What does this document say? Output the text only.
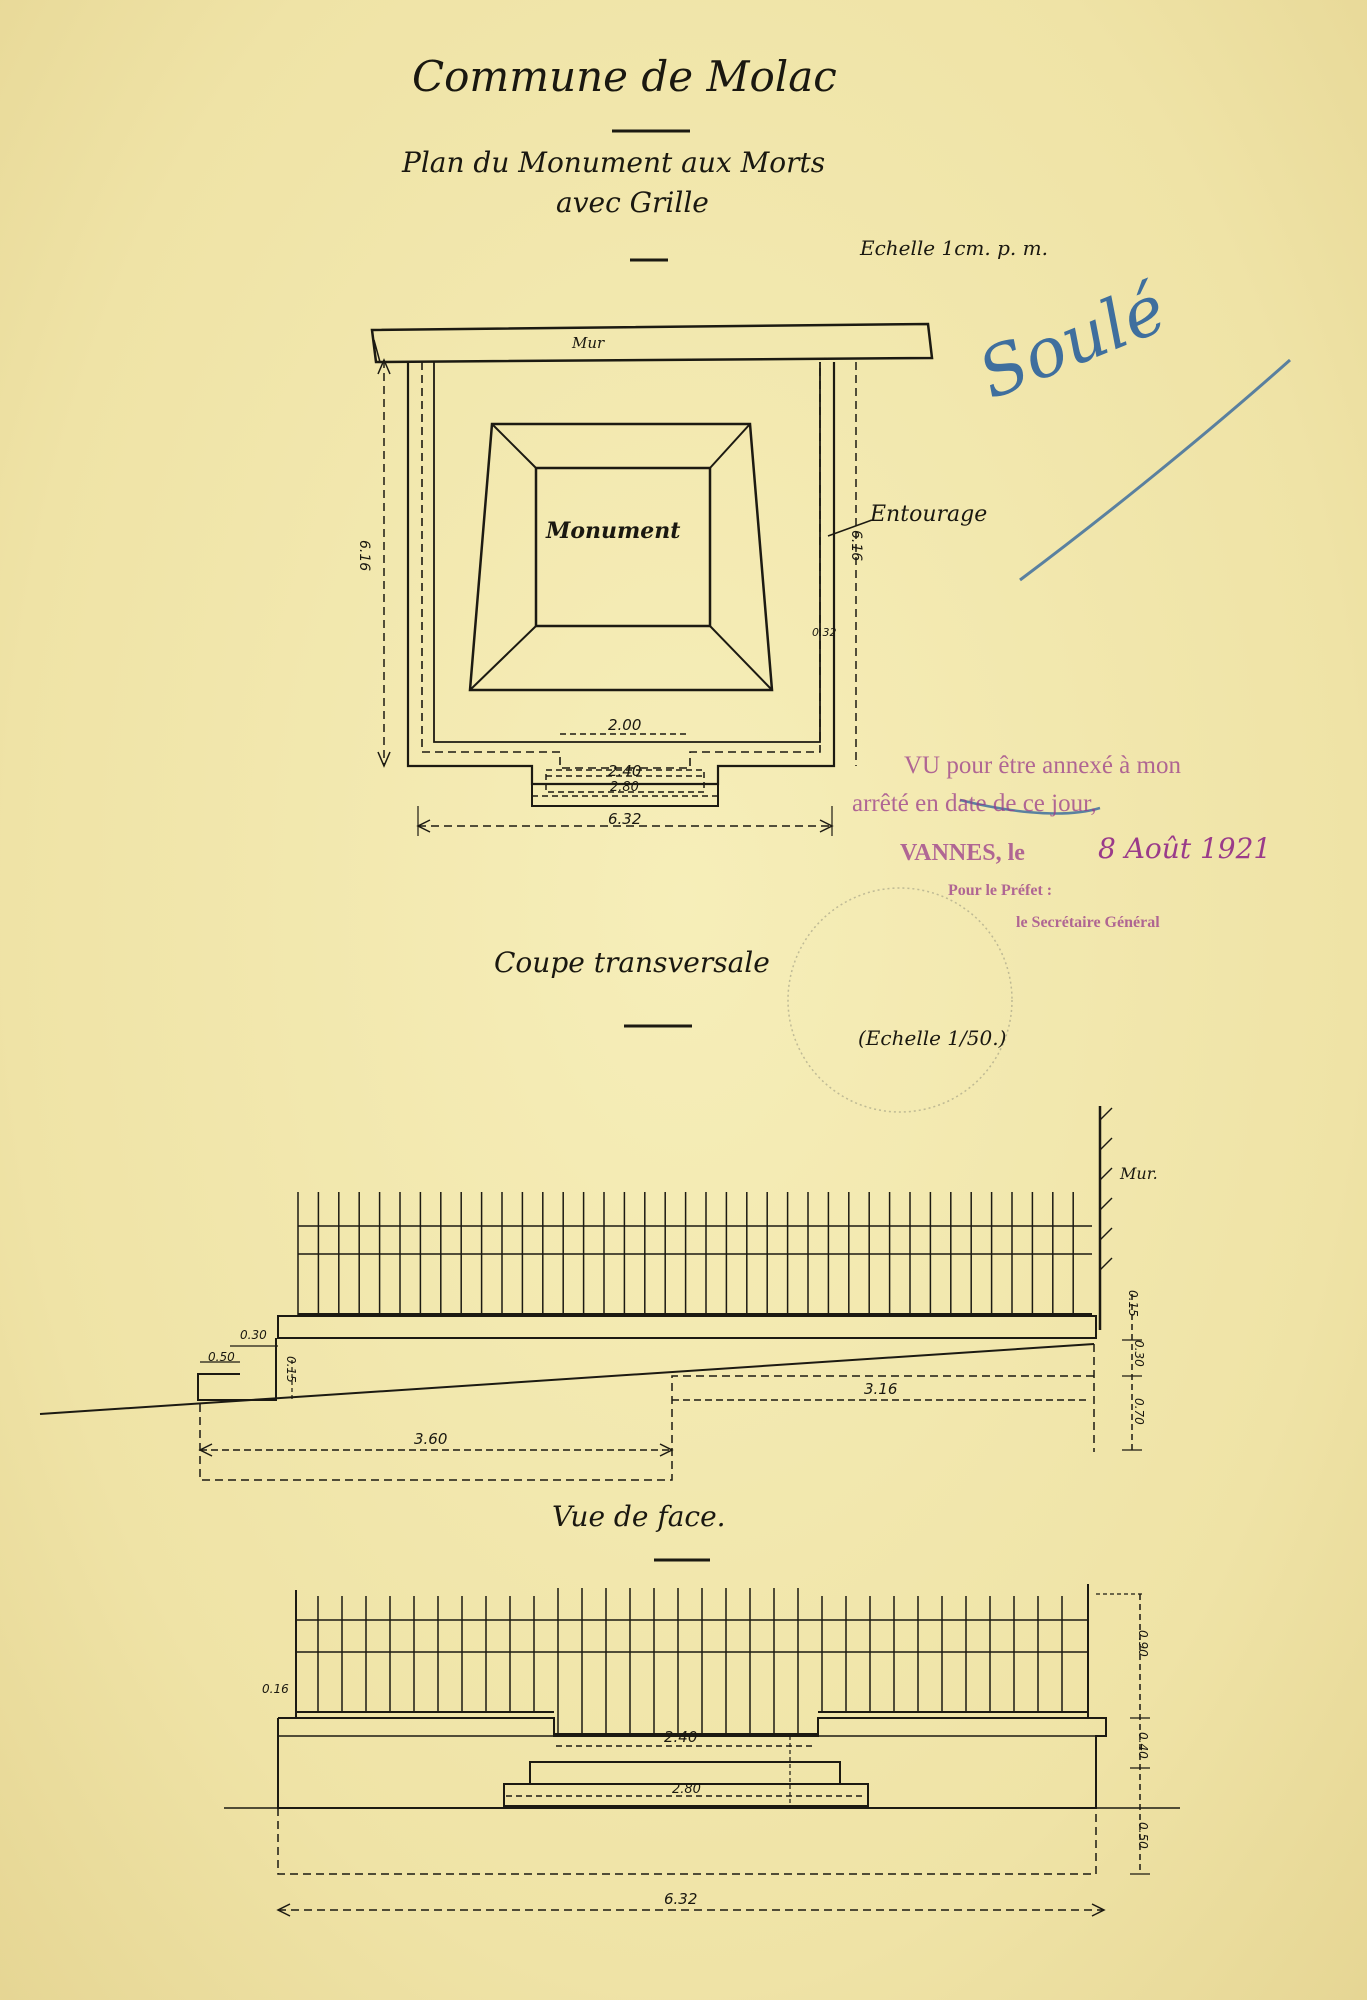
Commune de Molac
Plan du Monument aux Morts
avec Grille
Echelle 1cm. p. m.
Mur
Monument
Entourage
6.16	6.16
0.32
2.00
2.40
2.80
6.32
Soulé
VU pour être annexé à mon
arrêté en date de ce jour,
VANNES, le	8 Août 1921
Pour le Préfet :
le Secrétaire Général
Coupe transversale
(Echelle 1/50.)
Mur.
0.30
0.50	0.15
0.15
0.30
0.70
3.16
3.60
Vue de face.
0.16
2.40
2.80
0.90
0.40
0.50
6.32
